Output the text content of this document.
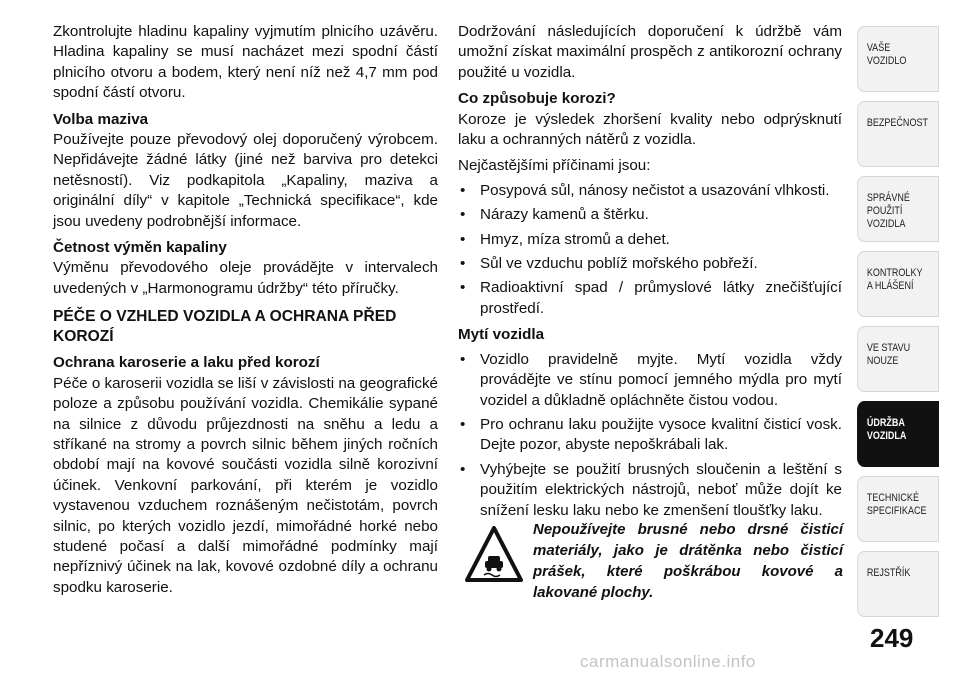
Zkontrolujte hladinu kapaliny vyjmutím plnicího uzávěru. Hladina kapaliny se musí nacházet mezi spodní částí plnicího otvoru a bodem, který není níž než 4,7 mm pod spodní částí otvoru.

Volba maziva

Používejte pouze převodový olej doporučený výrobcem. Nepřidávejte žádné látky (jiné než barviva pro detekci netěsností). Viz podkapitola „Kapaliny, maziva a originální díly“ v kapitole „Technická specifikace“, kde jsou uvedeny podrobnější informace.

Četnost výměn kapaliny

Výměnu převodového oleje provádějte v intervalech uvedených v „Harmonogramu údržby“ této příručky.

PÉČE O VZHLED VOZIDLA A OCHRANA PŘED KOROZÍ
Ochrana karoserie a laku před korozí

Péče o karoserii vozidla se liší v závislosti na geografické poloze a způsobu používání vozidla. Chemikálie sypané na silnice z důvodu průjezdnosti na sněhu a ledu a stříkané na stromy a povrch silnic během jiných ročních období mají na kovové součásti vozidla silně korozivní účinek. Venkovní parkování, při kterém je vozidlo vystavenou vzduchem roznášeným nečistotám, povrch silnic, po kterých vozidlo jezdí, mimořádné horké nebo studené počasí a další mimořádné podmínky mají nepříznivý účinek na lak, kovové ozdobné díly a ochranu spodku karoserie.

Dodržování následujících doporučení k údržbě vám umožní získat maximální prospěch z antikorozní ochrany použité u vozidla.

Co způsobuje korozi?

Koroze je výsledek zhoršení kvality nebo odprýsknutí laku a ochranných nátěrů z vozidla.

Nejčastějšími příčinami jsou:

• Posypová sůl, nánosy nečistot a usazování vlhkosti.
• Nárazy kamenů a štěrku.
• Hmyz, míza stromů a dehet.
• Sůl ve vzduchu poblíž mořského pobřeží.
• Radioaktivní spad / průmyslové látky znečišťující prostředí.
Mytí vozidla
• Vozidlo pravidelně myjte. Mytí vozidla vždy provádějte ve stínu pomocí jemného mýdla pro mytí vozidel a důkladně opláchněte čistou vodou.
• Pro ochranu laku použijte vysoce kvalitní čisticí vosk. Dejte pozor, abyste nepoškrábali lak.
• Vyhýbejte se použití brusných sloučenin a leštění s použitím elektrických nástrojů, neboť může dojít ke snížení lesku laku nebo ke zmenšení tloušťky laku.

Nepoužívejte brusné nebo drsné čisticí materiály, jako je drátěnka nebo čisticí prášek, které poškrábou kovové a lakované plochy.

VAŠE
VOZIDLO
BEZPEČNOST
SPRÁVNÉ
POUŽITÍ
VOZIDLA
KONTROLKY
A HLÁŠENÍ
VE STAVU
NOUZE
ÚDRŽBA
VOZIDLA
TECHNICKÉ
SPECIFIKACE
REJSTŘÍK
249
carmanualsonline.info
